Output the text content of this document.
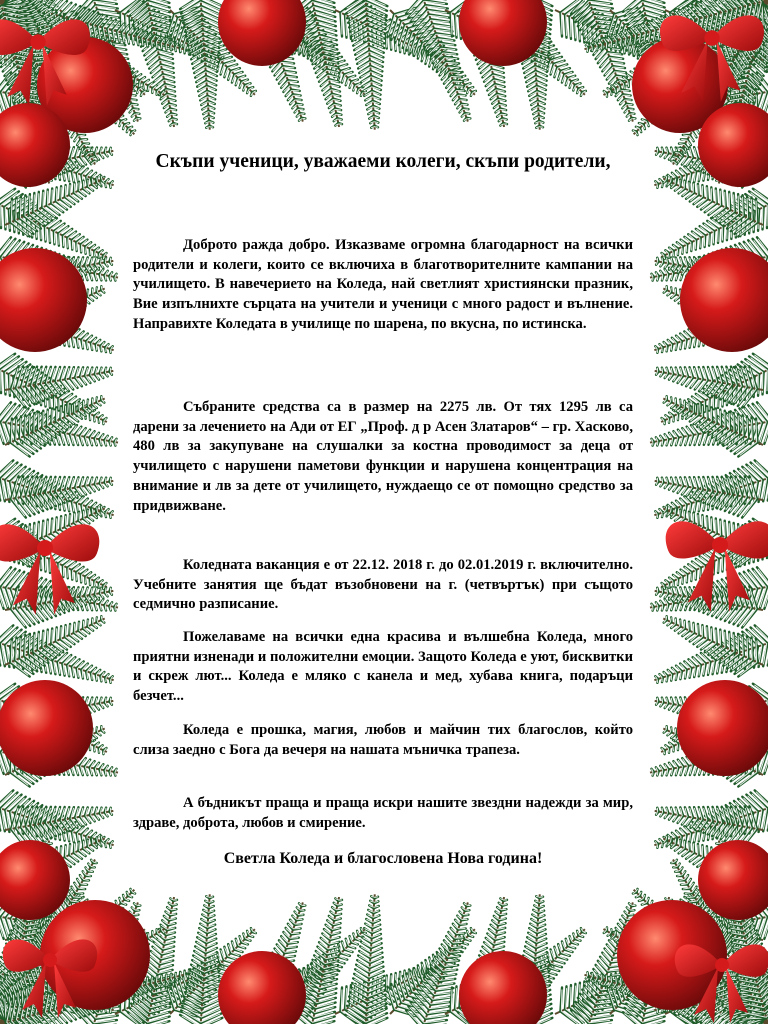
Скъпи ученици, уважаеми колеги, скъпи родители,

Доброто ражда добро. Изказваме огромна благодарност на всички родители и колеги, които се включиха в благотворителните кампании на училището. В навечерието на Коледа, най светлият християнски празник, Вие изпълнихте сърцата на учители и ученици с много радост и вълнение. Направихте Коледата в училище по шарена, по вкусна, по истинска.

Събраните средства са в размер на 2275 лв. От тях 1295 лв са дарени за лечението на Ади от ЕГ „Проф. д р Асен Златаров“ – гр. Хасково, 480 лв за закупуване на слушалки за костна проводимост за деца от училището с нарушени паметови функции и нарушена концентрация на внимание и лв за дете от училището, нуждаещо се от помощно средство за придвижване.

Коледната ваканция е от 22.12. 2018 г. до 02.01.2019 г. включително. Учебните занятия ще бъдат възобновени на г. (четвъртък) при същото седмично разписание.

Пожелаваме на всички една красива и вълшебна Коледа, много приятни изненади и положителни емоции. Защото Коледа е уют, бисквитки и скреж лют... Коледа е мляко с канела и мед, хубава книга, подаръци безчет...

Коледа е прошка, магия, любов и майчин тих благослов, който слиза заедно с Бога да вечеря на нашата мъничка трапеза.

А бъдникът праща и праща искри нашите звездни надежди за мир, здраве, доброта, любов и смирение.

Светла Коледа и благословена Нова година!
